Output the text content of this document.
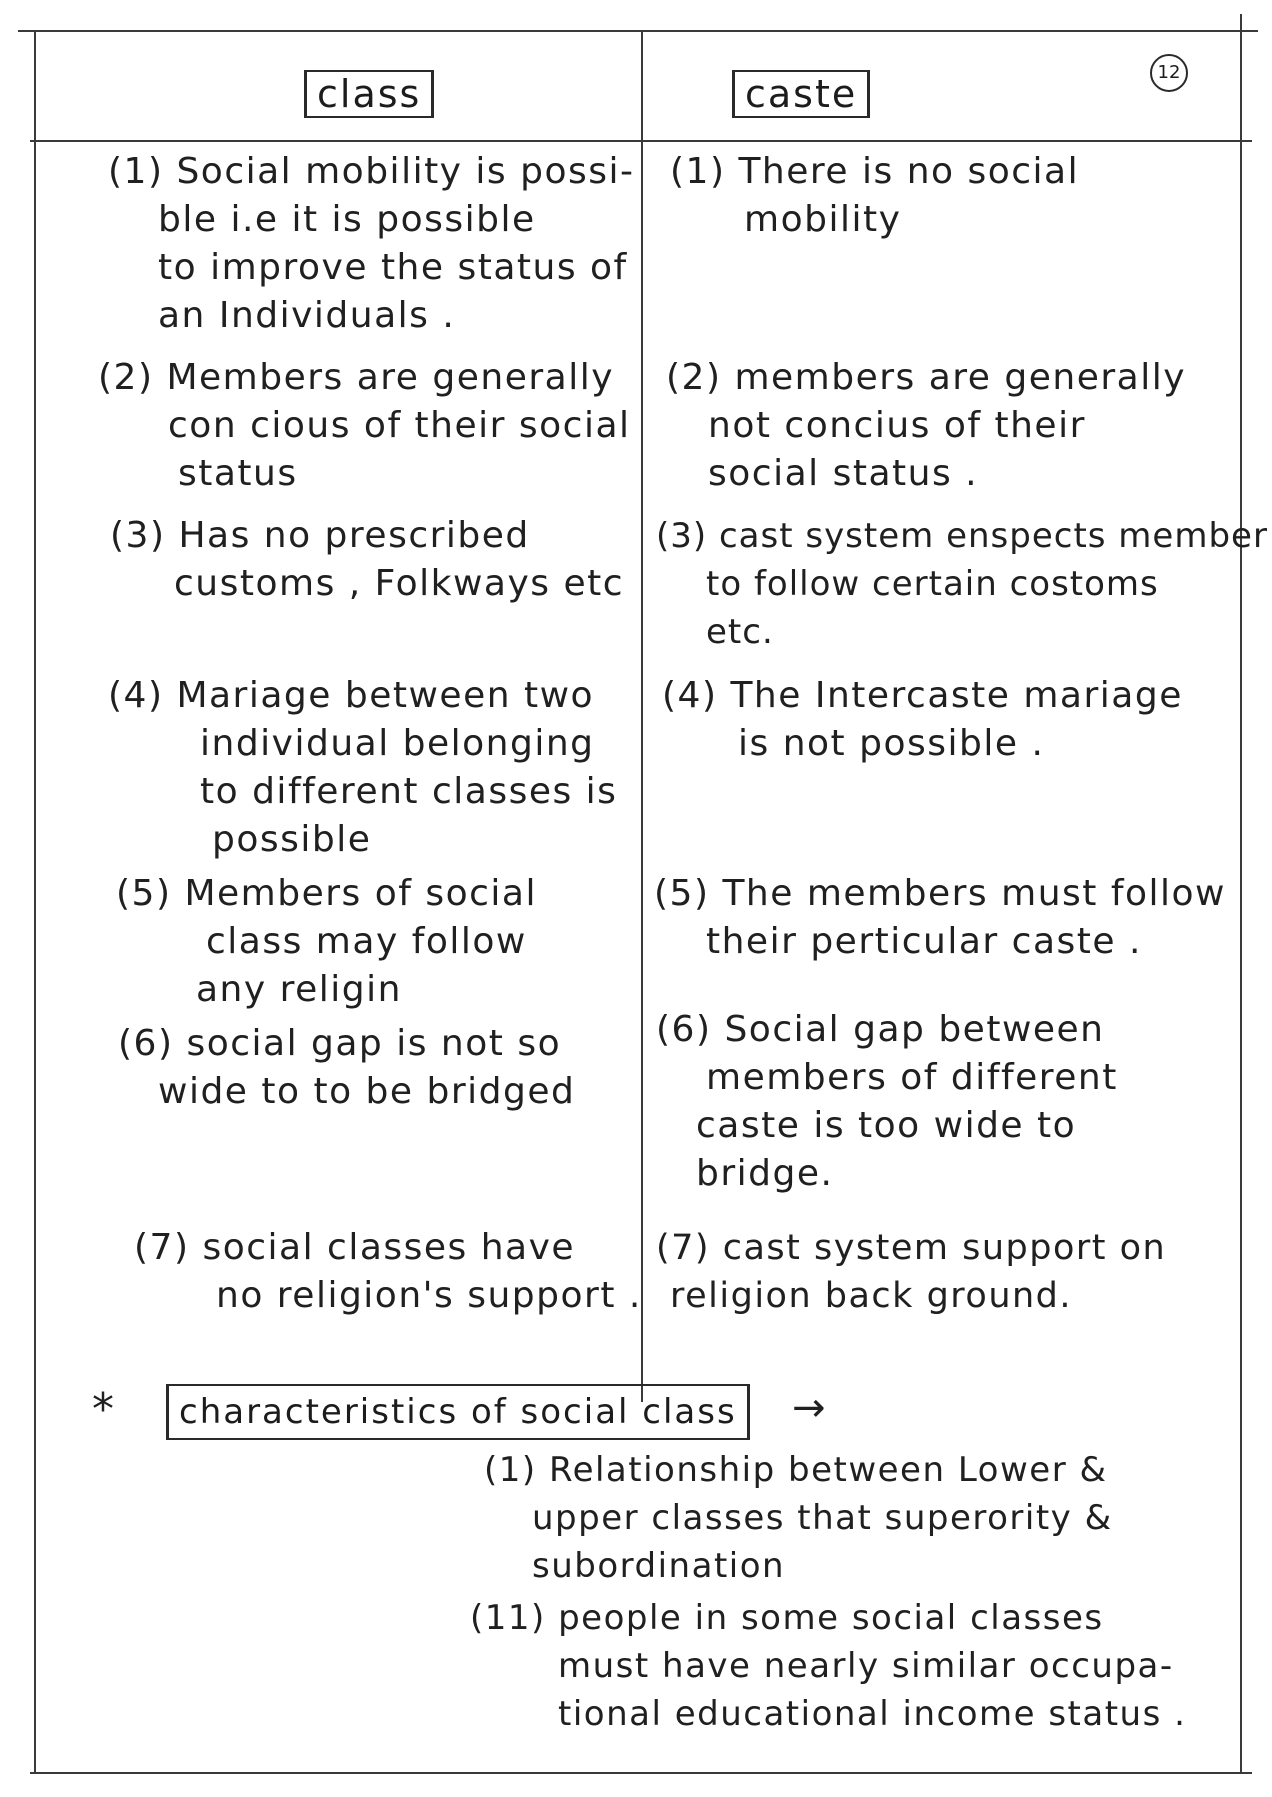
12
class	caste
(1) Social mobility is possi-
ble i.e it is possible
to improve the status of
an Individuals .
(1) There is no social
mobility
(2) Members are generally
con cious of their social
status
(2) members are generally
not concius of their
social status .
(3) Has no prescribed
customs , Folkways etc
(3) cast system enspects member
to follow certain costoms
etc.
(4) Mariage between two
individual belonging
to different classes is
possible
(4) The Intercaste mariage
is not possible .
(5) Members of social
class may follow
any religin
(5) The members must follow
their perticular caste .
(6) social gap is not so
wide to to be bridged
(6) Social gap between
members of different
caste is too wide to
bridge.
(7) social classes have
no religion's support .
(7) cast system support on
religion back ground.
*	characteristics of social class	→
(1) Relationship between Lower &
upper classes that superority &
subordination
(11) people in some social classes
must have nearly similar occupa-
tional educational income status .
